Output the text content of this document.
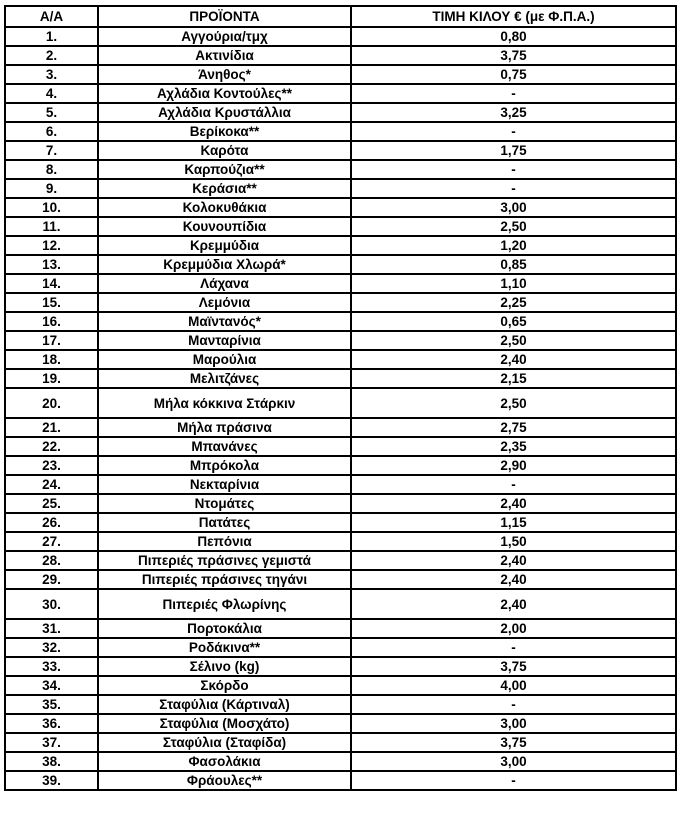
Α/Α	ΠΡΟΪΟΝΤΑ	ΤΙΜΗ ΚΙΛΟΥ € (με Φ.Π.Α.)
1.	Αγγούρια/τμχ	0,80
2.	Ακτινίδια	3,75
3.	Άνηθος*	0,75
4.	Αχλάδια Κοντούλες**	-
5.	Αχλάδια Κρυστάλλια	3,25
6.	Βερίκοκα**	-
7.	Καρότα	1,75
8.	Καρπούζια**	-
9.	Κεράσια**	-
10.	Κολοκυθάκια	3,00
11.	Κουνουπίδια	2,50
12.	Κρεμμύδια	1,20
13.	Κρεμμύδια Χλωρά*	0,85
14.	Λάχανα	1,10
15.	Λεμόνια	2,25
16.	Μαϊντανός*	0,65
17.	Μανταρίνια	2,50
18.	Μαρούλια	2,40
19.	Μελιτζάνες	2,15
20.	Μήλα κόκκινα Στάρκιν	2,50
21.	Μήλα πράσινα	2,75
22.	Μπανάνες	2,35
23.	Μπρόκολα	2,90
24.	Νεκταρίνια	-
25.	Ντομάτες	2,40
26.	Πατάτες	1,15
27.	Πεπόνια	1,50
28.	Πιπεριές πράσινες γεμιστά	2,40
29.	Πιπεριές πράσινες τηγάνι	2,40
30.	Πιπεριές Φλωρίνης	2,40
31.	Πορτοκάλια	2,00
32.	Ροδάκινα**	-
33.	Σέλινο (kg)	3,75
34.	Σκόρδο	4,00
35.	Σταφύλια (Κάρτιναλ)	-
36.	Σταφύλια (Μοσχάτο)	3,00
37.	Σταφύλια (Σταφίδα)	3,75
38.	Φασολάκια	3,00
39.	Φράουλες**	-
